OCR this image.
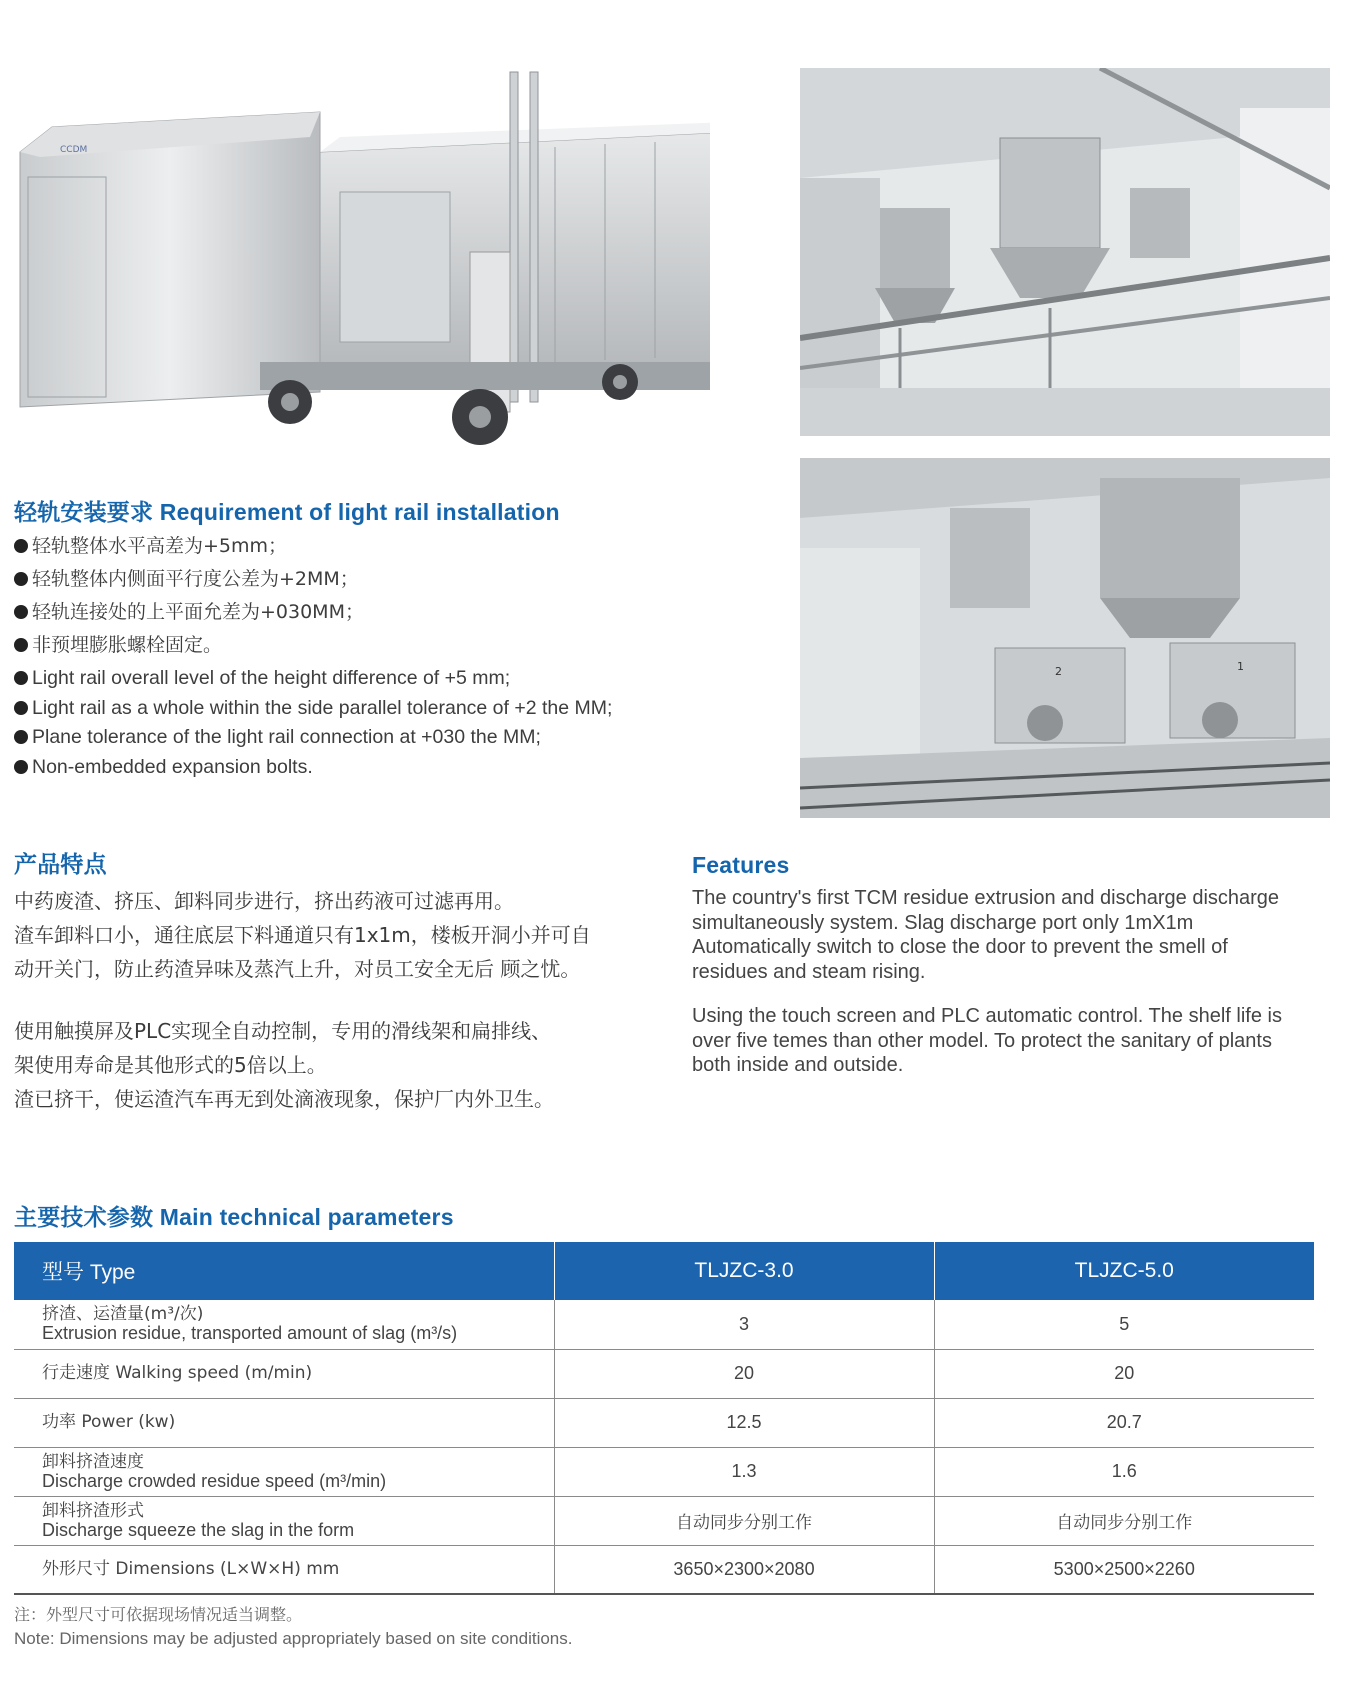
CCDM
2	1
轻轨安装要求 Requirement of light rail installation
轻轨整体水平高差为+5mm；
轻轨整体内侧面平行度公差为+2MM；
轻轨连接处的上平面允差为+030MM；
非预埋膨胀螺栓固定。
Light rail overall level of the height difference of +5 mm;
Light rail as a whole within the side parallel tolerance of +2 the MM;
Plane tolerance of the light rail connection at +030 the MM;
Non-embedded expansion bolts.
产品特点
中药废渣、挤压、卸料同步进行，挤出药液可过滤再用。
渣车卸料口小，通往底层下料通道只有1x1m，楼板开洞小并可自
动开关门，防止药渣异味及蒸汽上升，对员工安全无后 顾之忧。
使用触摸屏及PLC实现全自动控制，专用的滑线架和扁排线、
架使用寿命是其他形式的5倍以上。
渣已挤干，使运渣汽车再无到处滴液现象，保护厂内外卫生。
Features
The country's first TCM residue extrusion and discharge discharge
simultaneously system. Slag discharge port only 1mX1m
Automatically switch to close the door to prevent the smell of
residues and steam rising.
Using the touch screen and PLC automatic control. The shelf life is
over five temes than other model. To protect the sanitary of plants
both inside and outside.
主要技术参数 Main technical parameters
型号 Type	TLJZC-3.0	TLJZC-5.0

挤渣、运渣量(m³/次)
Extrusion residue, transported amount of slag (m³/s)	3	5

行走速度 Walking speed (m/min)	20	20

功率 Power (kw)	12.5	20.7

卸料挤渣速度
Discharge crowded residue speed (m³/min)	1.3	1.6

卸料挤渣形式
Discharge squeeze the slag in the form	自动同步分别工作	自动同步分别工作

外形尺寸 Dimensions (L×W×H) mm	3650×2300×2080	5300×2500×2260
注：外型尺寸可依据现场情况适当调整。
Note: Dimensions may be adjusted appropriately based on site conditions.
